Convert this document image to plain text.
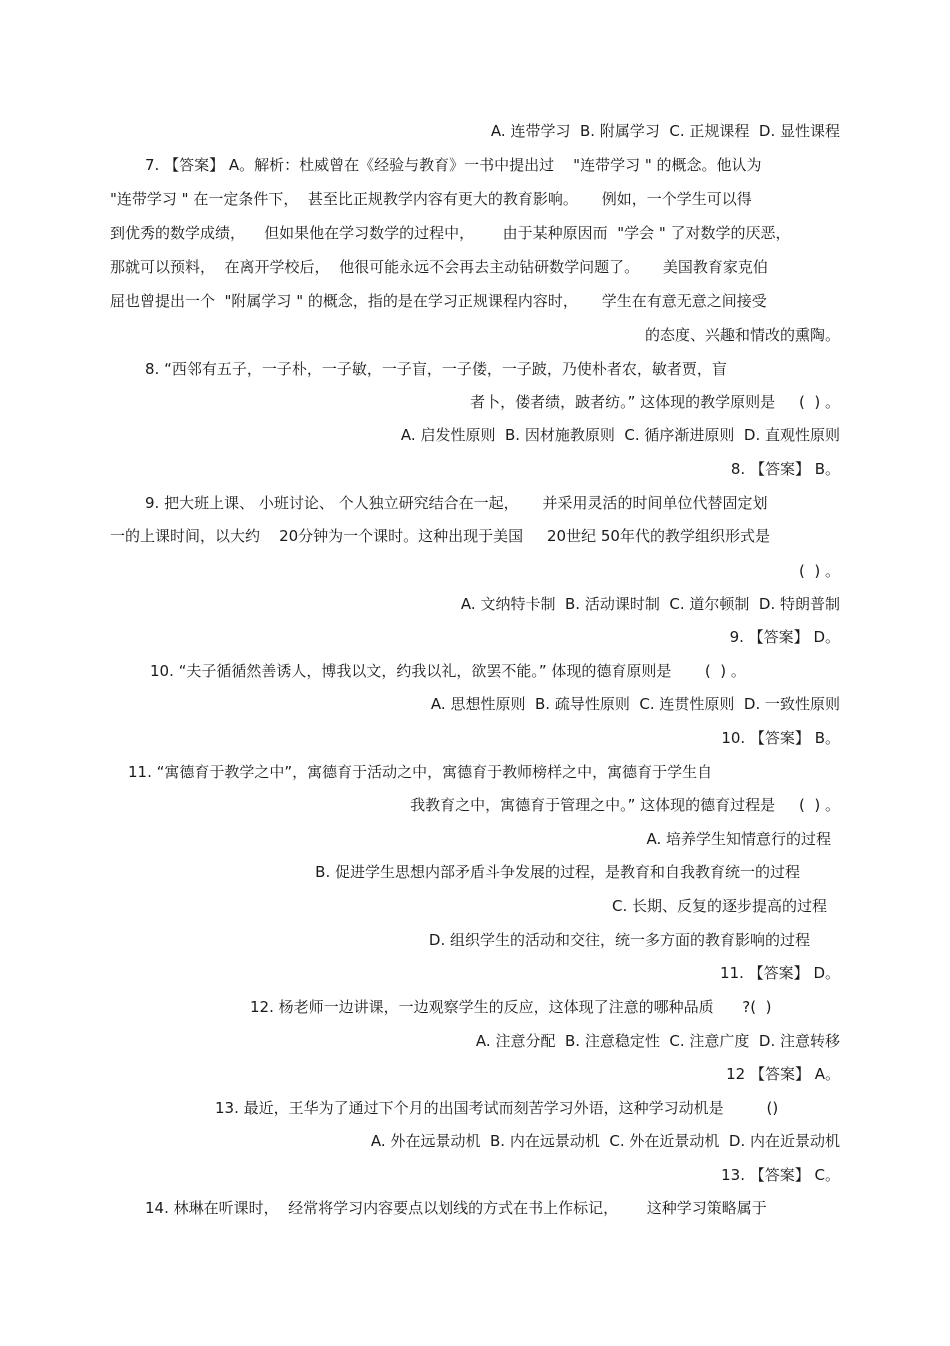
A. 连带学习  B. 附属学习  C. 正规课程  D. 显性课程
7. 【答案】 A。解析：杜威曾在《经验与教育》一书中提出过    "连带学习 " 的概念。他认为
"连带学习 " 在一定条件下，  甚至比正规教学内容有更大的教育影响。     例如，一个学生可以得
到优秀的数学成绩，    但如果他在学习数学的过程中，      由于某种原因而  "学会 " 了对数学的厌恶，
那就可以预料，  在离开学校后，  他很可能永远不会再去主动钻研数学问题了。     美国教育家克伯
屈也曾提出一个  "附属学习 " 的概念，指的是在学习正规课程内容时，     学生在有意无意之间接受
的态度、兴趣和情改的熏陶。
8. “西邻有五子，一子朴，一子敏，一子盲，一子偻，一子跛，乃使朴者农，敏者贾，盲
者卜，偻者绩，跛者纺。” 这体现的教学原则是     (  ) 。
A. 启发性原则  B. 因材施教原则  C. 循序渐进原则  D. 直观性原则
8. 【答案】 B。
9. 把大班上课、 小班讨论、 个人独立研究结合在一起，     并采用灵活的时间单位代替固定划
一的上课时间，以大约    20分钟为一个课时。这种出现于美国     20世纪 50年代的教学组织形式是
(  ) 。
A. 文纳特卡制  B. 活动课时制  C. 道尔顿制  D. 特朗普制
9. 【答案】 D。
10. “夫子循循然善诱人，博我以文，约我以礼，欲罢不能。” 体现的德育原则是       (  ) 。
A. 思想性原则  B. 疏导性原则  C. 连贯性原则  D. 一致性原则
10. 【答案】 B。
11. “寓德育于教学之中”，寓德育于活动之中，寓德育于教师榜样之中，寓德育于学生自
我教育之中，寓德育于管理之中。” 这体现的德育过程是     (  ) 。
A. 培养学生知情意行的过程
B. 促进学生思想内部矛盾斗争发展的过程，是教育和自我教育统一的过程
C. 长期、反复的逐步提高的过程
D. 组织学生的活动和交往，统一多方面的教育影响的过程
11. 【答案】 D。
12. 杨老师一边讲课，一边观察学生的反应，这体现了注意的哪种品质      ?(  )
A. 注意分配  B. 注意稳定性  C. 注意广度  D. 注意转移
12 【答案】 A。
13. 最近，王华为了通过下个月的出国考试而刻苦学习外语，这种学习动机是         ()
A. 外在远景动机  B. 内在远景动机  C. 外在近景动机  D. 内在近景动机
13. 【答案】 C。
14. 林琳在听课时，  经常将学习内容要点以划线的方式在书上作标记，      这种学习策略属于
